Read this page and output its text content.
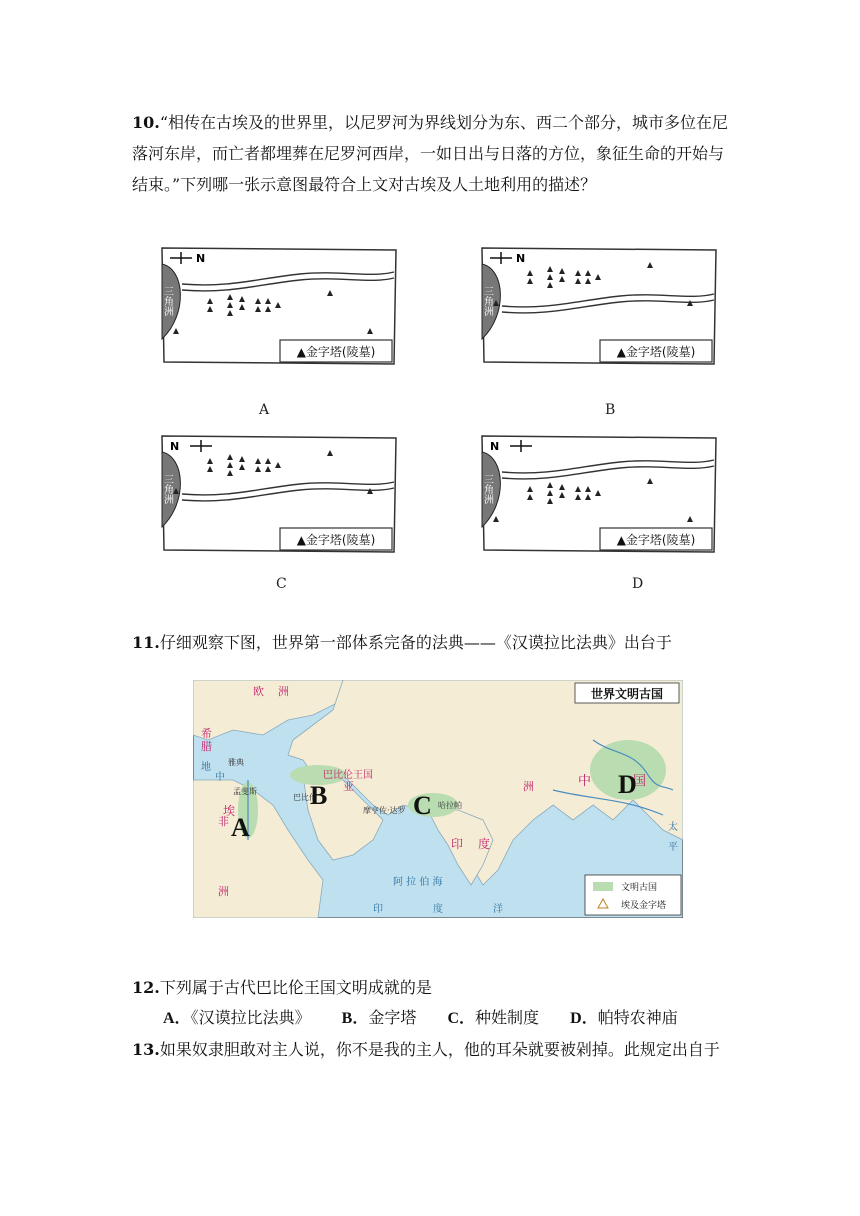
10.“相传在古埃及的世界里，以尼罗河为界线划分为东、西二个部分，城市多位在尼落河东岸，而亡者都埋葬在尼罗河西岸，一如日出与日落的方位，象征生命的开始与结束。”下列哪一张示意图最符合上文对古埃及人土地利用的描述？
三角洲
▲金字塔(陵墓)
N
A
三角洲
▲金字塔(陵墓)
N
B
三角洲
▲金字塔(陵墓)
N
C
三角洲
▲金字塔(陵墓)
N
D
11.仔细观察下图，世界第一部体系完备的法典——《汉谟拉比法典》出台于
世界文明古国
欧 洲
希
腊
亚	洲
非
洲
中	国
埃
巴比伦王国
印 度
雅典
孟斐斯
巴比伦
摩亨佐·达罗
哈拉帕
地
中
阿 拉 伯 海
印	度	洋
太
平
A
B	C
D
文明古国
埃及金字塔
12.下列属于古代巴比伦王国文明成就的是
A．《汉谟拉比法典》 B．金字塔 C．种姓制度 D．帕特农神庙
13.如果奴隶胆敢对主人说，你不是我的主人，他的耳朵就要被剁掉。此规定出自于
